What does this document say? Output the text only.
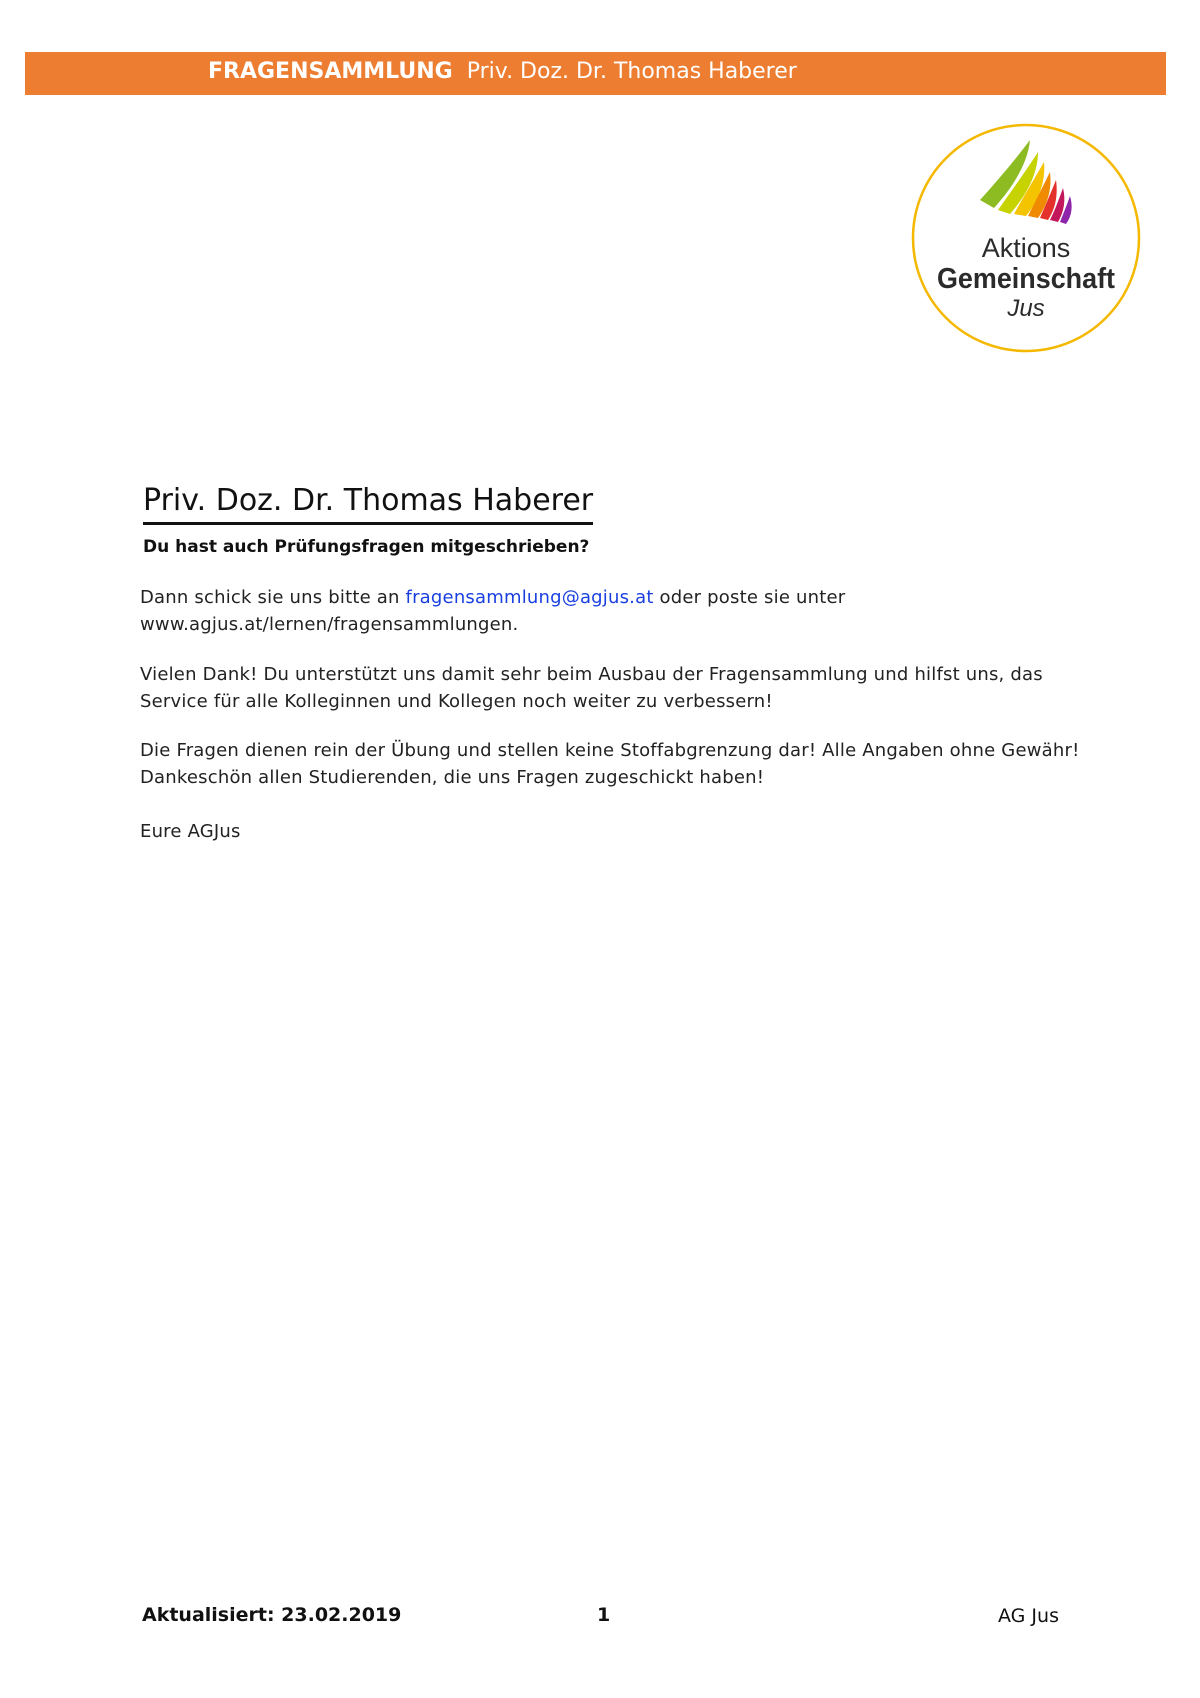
FRAGENSAMMLUNG Priv. Doz. Dr. Thomas Haberer
Aktions
Gemeinschaft
Jus
Priv. Doz. Dr. Thomas Haberer
Du hast auch Prüfungsfragen mitgeschrieben?
Dann schick sie uns bitte an fragensammlung@agjus.at oder poste sie unter www.agjus.at/lernen/fragensammlungen.
Vielen Dank! Du unterstützt uns damit sehr beim Ausbau der Fragensammlung und hilfst uns, das Service für alle Kolleginnen und Kollegen noch weiter zu verbessern!
Die Fragen dienen rein der Übung und stellen keine Stoffabgrenzung dar! Alle Angaben ohne Gewähr! Dankeschön allen Studierenden, die uns Fragen zugeschickt haben!
Eure AGJus
Aktualisiert: 23.02.2019	1	AG Jus
